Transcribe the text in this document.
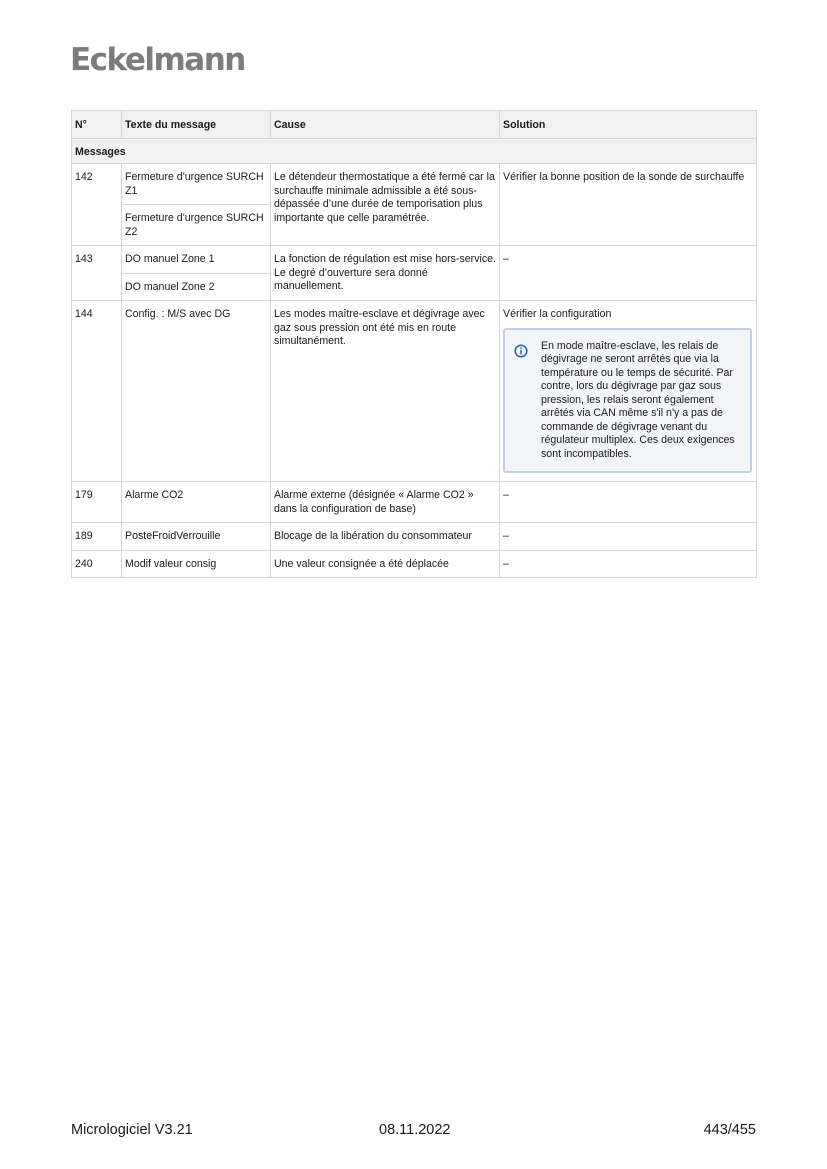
Eckelmann
N°	Texte du message	Cause	Solution
Messages			
142	Fermeture d'urgence SURCH Z1	Le détendeur thermostatique a été fermé car la surchauffe minimale admissible a été sous-dépassée d’une durée de temporisation plus importante que celle paramétrée.	Vérifier la bonne position de la sonde de surchauffe
	Fermeture d'urgence SURCH Z2		
143	DO manuel Zone 1	La fonction de régulation est mise hors-service. Le degré d’ouverture sera donné manuellement.	–
	DO manuel Zone 2		
144	Config. : M/S avec DG	Les modes maître-esclave et dégivrage avec gaz sous pression ont été mis en route simultanément.	Vérifier la configuration
En mode maître-esclave, les relais de dégivrage ne seront arrêtés que via la température ou le temps de sécurité. Par contre, lors du dégivrage par gaz sous pression, les relais seront également arrêtés via CAN même s'il n'y a pas de commande de dégivrage venant du régulateur multiplex. Ces deux exigences sont incompatibles.

179	Alarme CO2	Alarme externe (désignée « Alarme CO2 » dans la configuration de base)	–
189	PosteFroidVerrouille	Blocage de la libération du consommateur	–
240	Modif valeur consig	Une valeur consignée a été déplacée	–
Micrologiciel V3.21	08.11.2022	443/455
